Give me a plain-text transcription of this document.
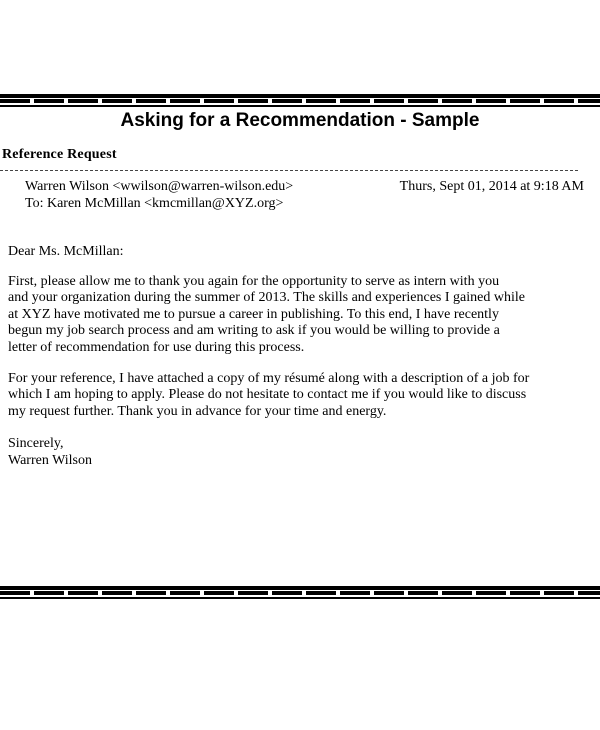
Asking for a Recommendation - Sample
Reference Request
Warren Wilson <wwilson@warren-wilson.edu>	Thurs, Sept 01, 2014 at 9:18 AM
To: Karen McMillan <kmcmillan@XYZ.org>
Dear Ms. McMillan:
First, please allow me to thank you again for the opportunity to serve as intern with you
and your organization during the summer of 2013. The skills and experiences I gained while
at XYZ have motivated me to pursue a career in publishing. To this end, I have recently
begun my job search process and am writing to ask if you would be willing to provide a
letter of recommendation for use during this process.
For your reference, I have attached a copy of my résumé along with a description of a job for
which I am hoping to apply. Please do not hesitate to contact me if you would like to discuss
my request further. Thank you in advance for your time and energy.
Sincerely,
Warren Wilson
